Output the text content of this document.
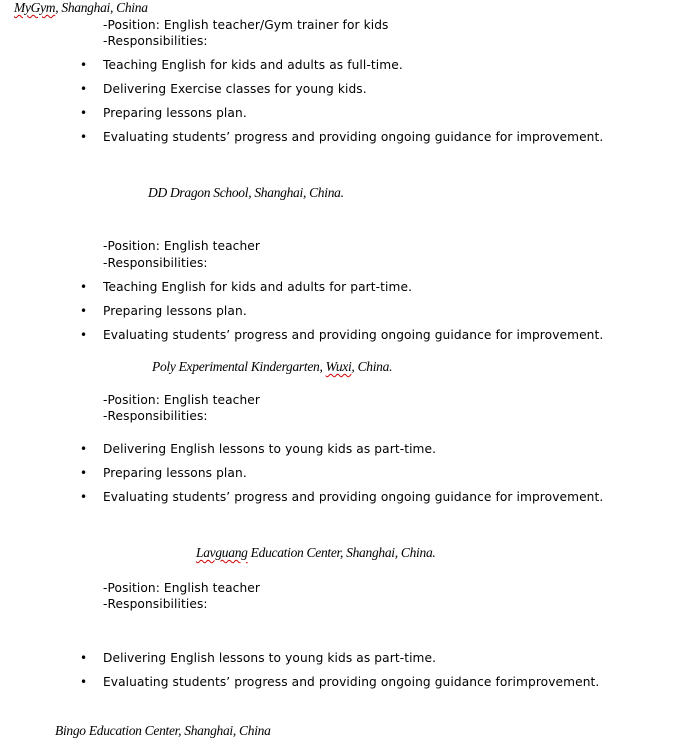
MyGym, Shanghai, China
-Position: English teacher/Gym trainer for kids
-Responsibilities:
• Teaching English for kids and adults as full-time.
• Delivering Exercise classes for young kids.
• Preparing lessons plan.
• Evaluating students’ progress and providing ongoing guidance for improvement.
DD Dragon School, Shanghai, China.
-Position: English teacher
-Responsibilities:
• Teaching English for kids and adults for part-time.
• Preparing lessons plan.
• Evaluating students’ progress and providing ongoing guidance for improvement.
Poly Experimental Kindergarten, Wuxi, China.
-Position: English teacher
-Responsibilities:
• Delivering English lessons to young kids as part-time.
• Preparing lessons plan.
• Evaluating students’ progress and providing ongoing guidance for improvement.
Lavguang Education Center, Shanghai, China.
-Position: English teacher
-Responsibilities:
• Delivering English lessons to young kids as part-time.
• Evaluating students’ progress and providing ongoing guidance forimprovement.
Bingo Education Center, Shanghai, China
